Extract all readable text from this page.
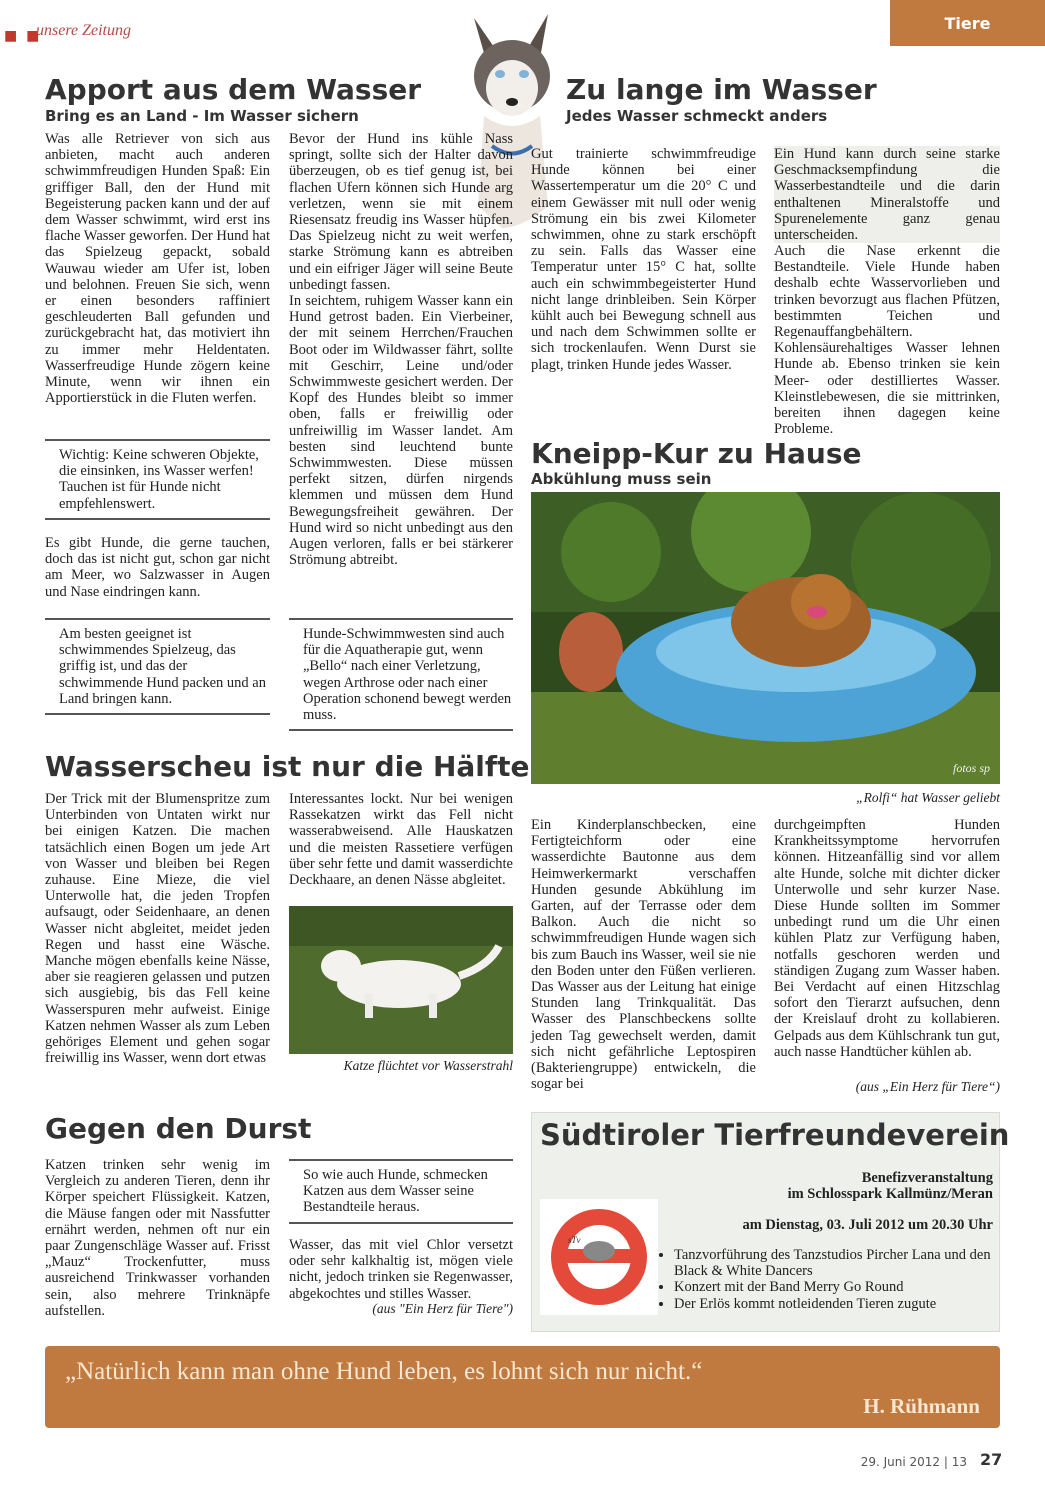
■ ■
unsere Zeitung	Tiere
Apport aus dem Wasser
Bring es an Land - Im Wasser sichern
Was alle Retriever von sich aus anbieten, macht auch anderen schwimmfreudigen Hunden Spaß: Ein griffiger Ball, den der Hund mit Begeisterung packen kann und der auf dem Wasser schwimmt, wird erst ins flache Wasser geworfen. Der Hund hat das Spielzeug gepackt, sobald Wauwau wieder am Ufer ist, loben und belohnen. Freuen Sie sich, wenn er einen besonders raffiniert geschleuderten Ball gefunden und zurückgebracht hat, das motiviert ihn zu immer mehr Heldentaten. Wasserfreudige Hunde zögern keine Minute, wenn wir ihnen ein Apportierstück in die Fluten werfen.
Wichtig: Keine schweren Objekte, die einsinken, ins Wasser werfen! Tauchen ist für Hunde nicht empfehlenswert.
Es gibt Hunde, die gerne tauchen, doch das ist nicht gut, schon gar nicht am Meer, wo Salzwasser in Augen und Nase eindringen kann.
Am besten geeignet ist schwimmendes Spielzeug, das griffig ist, und das der schwimmende Hund packen und an Land bringen kann.
Bevor der Hund ins kühle Nass springt, sollte sich der Halter davon überzeugen, ob es tief genug ist, bei flachen Ufern können sich Hunde arg verletzen, wenn sie mit einem Riesensatz freudig ins Wasser hüpfen. Das Spielzeug nicht zu weit werfen, starke Strömung kann es abtreiben und ein eifriger Jäger will seine Beute unbedingt fassen.
In seichtem, ruhigem Wasser kann ein Hund getrost baden. Ein Vierbeiner, der mit seinem Herrchen/Frauchen Boot oder im Wildwasser fährt, sollte mit Geschirr, Leine und/oder Schwimmweste gesichert werden. Der Kopf des Hundes bleibt so immer oben, falls er freiwillig oder unfreiwillig im Wasser landet. Am besten sind leuchtend bunte Schwimmwesten. Diese müssen perfekt sitzen, dürfen nirgends klemmen und müssen dem Hund Bewegungsfreiheit gewähren. Der Hund wird so nicht unbedingt aus den Augen verloren, falls er bei stärkerer Strömung abtreibt.
Hunde-Schwimmwesten sind auch für die Aquatherapie gut, wenn „Bello“ nach einer Verletzung, wegen Arthrose oder nach einer Operation schonend bewegt werden muss.
Zu lange im Wasser
Jedes Wasser schmeckt anders
Gut trainierte schwimmfreudige Hunde können bei einer Wassertemperatur um die 20° C und einem Gewässer mit null oder wenig Strömung ein bis zwei Kilometer schwimmen, ohne zu stark erschöpft zu sein. Falls das Wasser eine Temperatur unter 15° C hat, sollte auch ein schwimmbegeisterter Hund nicht lange drinbleiben. Sein Körper kühlt auch bei Bewegung schnell aus und nach dem Schwimmen sollte er sich trockenlaufen. Wenn Durst sie plagt, trinken Hunde jedes Wasser.
Ein Hund kann durch seine starke Geschmacksempfindung die Wasserbestandteile und die darin enthaltenen Mineralstoffe und Spurenelemente ganz genau unterscheiden.
Auch die Nase erkennt die Bestandteile. Viele Hunde haben deshalb echte Wasservorlieben und trinken bevorzugt aus flachen Pfützen, bestimmten Teichen und Regenauffangbehältern. Kohlensäurehaltiges Wasser lehnen Hunde ab. Ebenso trinken sie kein Meer- oder destilliertes Wasser. Kleinstlebewesen, die sie mittrinken, bereiten ihnen dagegen keine Probleme.
Kneipp-Kur zu Hause
Abkühlung muss sein
fotos sp
„Rolfi“ hat Wasser geliebt
Ein Kinderplanschbecken, eine Fertigteichform oder eine wasserdichte Bautonne aus dem Heimwerkermarkt verschaffen Hunden gesunde Abkühlung im Garten, auf der Terrasse oder dem Balkon. Auch die nicht so schwimmfreudigen Hunde wagen sich bis zum Bauch ins Wasser, weil sie nie den Boden unter den Füßen verlieren. Das Wasser aus der Leitung hat einige Stunden lang Trinkqualität. Das Wasser des Planschbeckens sollte jeden Tag gewechselt werden, damit sich nicht gefährliche Leptospiren (Bakteriengruppe) entwickeln, die sogar bei
durchgeimpften Hunden Krankheitssymptome hervorrufen können. Hitzeanfällig sind vor allem alte Hunde, solche mit dichter dicker Unterwolle und sehr kurzer Nase. Diese Hunde sollten im Sommer unbedingt rund um die Uhr einen kühlen Platz zur Verfügung haben, notfalls geschoren werden und ständigen Zugang zum Wasser haben. Bei Verdacht auf einen Hitzschlag sofort den Tierarzt aufsuchen, denn der Kreislauf droht zu kollabieren. Gelpads aus dem Kühlschrank tun gut, auch nasse Handtücher kühlen ab.
(aus „Ein Herz für Tiere“)
Wasserscheu ist nur die Hälfte
Der Trick mit der Blumenspritze zum Unterbinden von Untaten wirkt nur bei einigen Katzen. Die machen tatsächlich einen Bogen um jede Art von Wasser und bleiben bei Regen zuhause. Eine Mieze, die viel Unterwolle hat, die jeden Tropfen aufsaugt, oder Seidenhaare, an denen Wasser nicht abgleitet, meidet jeden Regen und hasst eine Wäsche. Manche mögen ebenfalls keine Nässe, aber sie reagieren gelassen und putzen sich ausgiebig, bis das Fell keine Wasserspuren mehr aufweist. Einige Katzen nehmen Wasser als zum Leben gehöriges Element und gehen sogar freiwillig ins Wasser, wenn dort etwas
Interessantes lockt. Nur bei wenigen Rassekatzen wirkt das Fell nicht wasserabweisend. Alle Hauskatzen und die meisten Rassetiere verfügen über sehr fette und damit wasserdichte Deckhaare, an denen Nässe abgleitet.
Katze flüchtet vor Wasserstrahl
Gegen den Durst
Katzen trinken sehr wenig im Vergleich zu anderen Tieren, denn ihr Körper speichert Flüssigkeit. Katzen, die Mäuse fangen oder mit Nassfutter ernährt werden, nehmen oft nur ein paar Zungenschläge Wasser auf. Frisst „Mauz“ Trockenfutter, muss ausreichend Trinkwasser vorhanden sein, also mehrere Trinknäpfe aufstellen.
So wie auch Hunde, schmecken Katzen aus dem Wasser seine Bestandteile heraus.
Wasser, das mit viel Chlor versetzt oder sehr kalkhaltig ist, mögen viele nicht, jedoch trinken sie Regenwasser, abgekochtes und stilles Wasser.
(aus "Ein Herz für Tiere")
Südtiroler Tierfreundeverein
Benefizveranstaltung
im Schlosspark Kallmünz/Meran
am Dienstag, 03. Juli 2012 um 20.30 Uhr
sTv
• Tanzvorführung des Tanzstudios Pircher Lana und den Black & White Dancers
• Konzert mit der Band Merry Go Round
• Der Erlös kommt notleidenden Tieren zugute
„Natürlich kann man ohne Hund leben, es lohnt sich nur nicht.“
H. Rühmann
29. Juni 2012 | 13 27
